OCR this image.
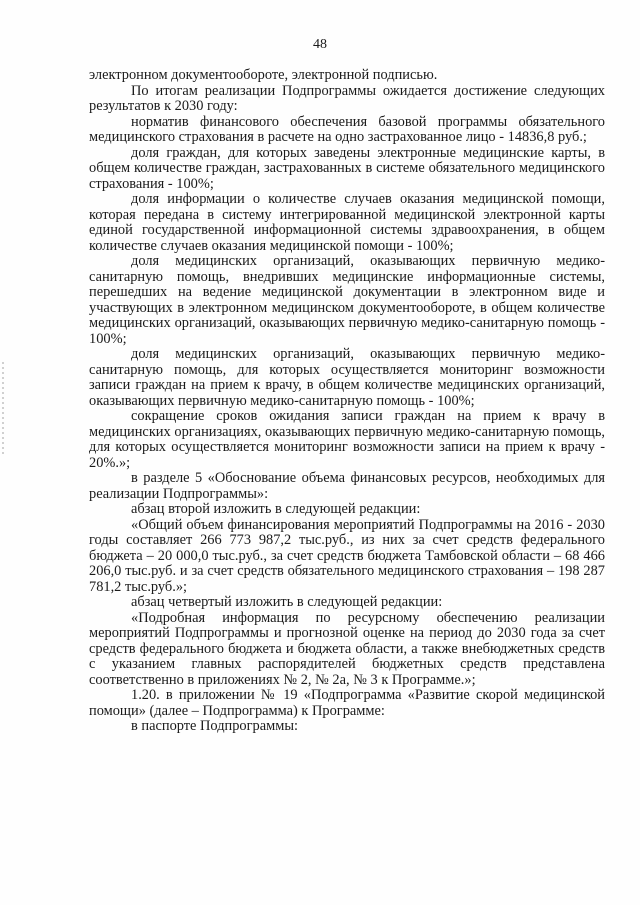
48

электронном документообороте, электронной подписью.

По итогам реализации Подпрограммы ожидается достижение следующих результатов к 2030 году:

норматив финансового обеспечения базовой программы обязательного медицинского страхования в расчете на одно застрахованное лицо - 14836,8 руб.;

доля граждан, для которых заведены электронные медицинские карты, в общем количестве граждан, застрахованных в системе обязательного медицинского страхования - 100%;

доля информации о количестве случаев оказания медицинской помощи, которая передана в систему интегрированной медицинской электронной карты единой государственной информационной системы здравоохранения, в общем количестве случаев оказания медицинской помощи - 100%;

доля медицинских организаций, оказывающих первичную медико-санитарную помощь, внедривших медицинские информационные системы, перешедших на ведение медицинской документации в электронном виде и участвующих в электронном медицинском документообороте, в общем количестве медицинских организаций, оказывающих первичную медико-санитарную помощь - 100%;

доля медицинских организаций, оказывающих первичную медико-санитарную помощь, для которых осуществляется мониторинг возможности записи граждан на прием к врачу, в общем количестве медицинских организаций, оказывающих первичную медико-санитарную помощь - 100%;

сокращение сроков ожидания записи граждан на прием к врачу в медицинских организациях, оказывающих первичную медико-санитарную помощь, для которых осуществляется мониторинг возможности записи на прием к врачу - 20%.»;

в разделе 5 «Обоснование объема финансовых ресурсов, необходимых для реализации Подпрограммы»:

абзац второй изложить в следующей редакции:

«Общий объем финансирования мероприятий Подпрограммы на 2016 - 2030 годы составляет 266 773 987,2 тыс.руб., из них за счет средств федерального бюджета – 20 000,0 тыс.руб., за счет средств бюджета Тамбовской области – 68 466 206,0 тыс.руб. и за счет средств обязательного медицинского страхования – 198 287 781,2 тыс.руб.»;

абзац четвертый изложить в следующей редакции:

«Подробная информация по ресурсному обеспечению реализации мероприятий Подпрограммы и прогнозной оценке на период до 2030 года за счет средств федерального бюджета и бюджета области, а также внебюджетных средств с указанием главных распорядителей бюджетных средств представлена соответственно в приложениях № 2, № 2а, № 3 к Программе.»;

1.20. в приложении № 19 «Подпрограмма «Развитие скорой медицинской помощи» (далее – Подпрограмма) к Программе:

в паспорте Подпрограммы:
